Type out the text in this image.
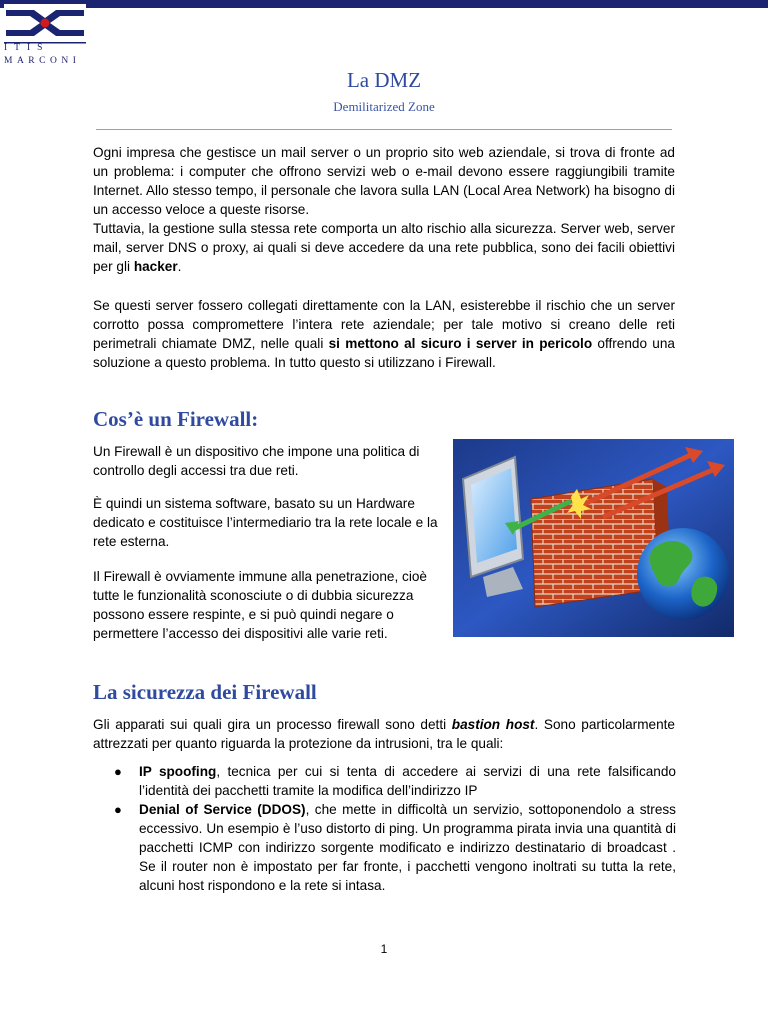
ITIS
MARCONI
La DMZ
Demilitarized Zone

Ogni impresa che gestisce un mail server o un proprio sito web aziendale, si trova di fronte ad un problema: i computer che offrono servizi web o e-mail devono essere raggiungibili tramite Internet. Allo stesso tempo, il personale che lavora sulla LAN (Local Area Network) ha bisogno di un accesso veloce a queste risorse.

Tuttavia, la gestione sulla stessa rete comporta un alto rischio alla sicurezza. Server web, server mail, server DNS o proxy, ai quali si deve accedere da una rete pubblica, sono dei facili obiettivi per gli hacker.

Se questi server fossero collegati direttamente con la LAN, esisterebbe il rischio che un server corrotto possa compromettere l’intera rete aziendale; per tale motivo si creano delle reti perimetrali chiamate DMZ, nelle quali si mettono al sicuro i server in pericolo offrendo una soluzione a questo problema. In tutto questo si utilizzano i Firewall.

Cos’è un Firewall:
Un Firewall è un dispositivo che impone una politica di controllo degli accessi tra due reti.
È quindi un sistema software, basato su un Hardware dedicato e costituisce l’intermediario tra la rete locale e la rete esterna.
Il Firewall è ovviamente immune alla penetrazione, cioè tutte le funzionalità sconosciute o di dubbia sicurezza possono essere respinte, e si può quindi negare o permettere l’accesso dei dispositivi alle varie reti.
La sicurezza dei Firewall

Gli apparati sui quali gira un processo firewall sono detti bastion host. Sono particolarmente attrezzati per quanto riguarda la protezione da intrusioni, tra le quali:

● IP spoofing, tecnica per cui si tenta di accedere ai servizi di una rete falsificando l’identità dei pacchetti tramite la modifica dell’indirizzo IP
● Denial of Service (DDOS), che mette in difficoltà un servizio, sottoponendolo a stress eccessivo. Un esempio è l’uso distorto di ping. Un programma pirata invia una quantità di pacchetti ICMP con indirizzo sorgente modificato e indirizzo destinatario di broadcast . Se il router non è impostato per far fronte, i pacchetti vengono inoltrati su tutta la rete, alcuni host rispondono e la rete si intasa.
1
